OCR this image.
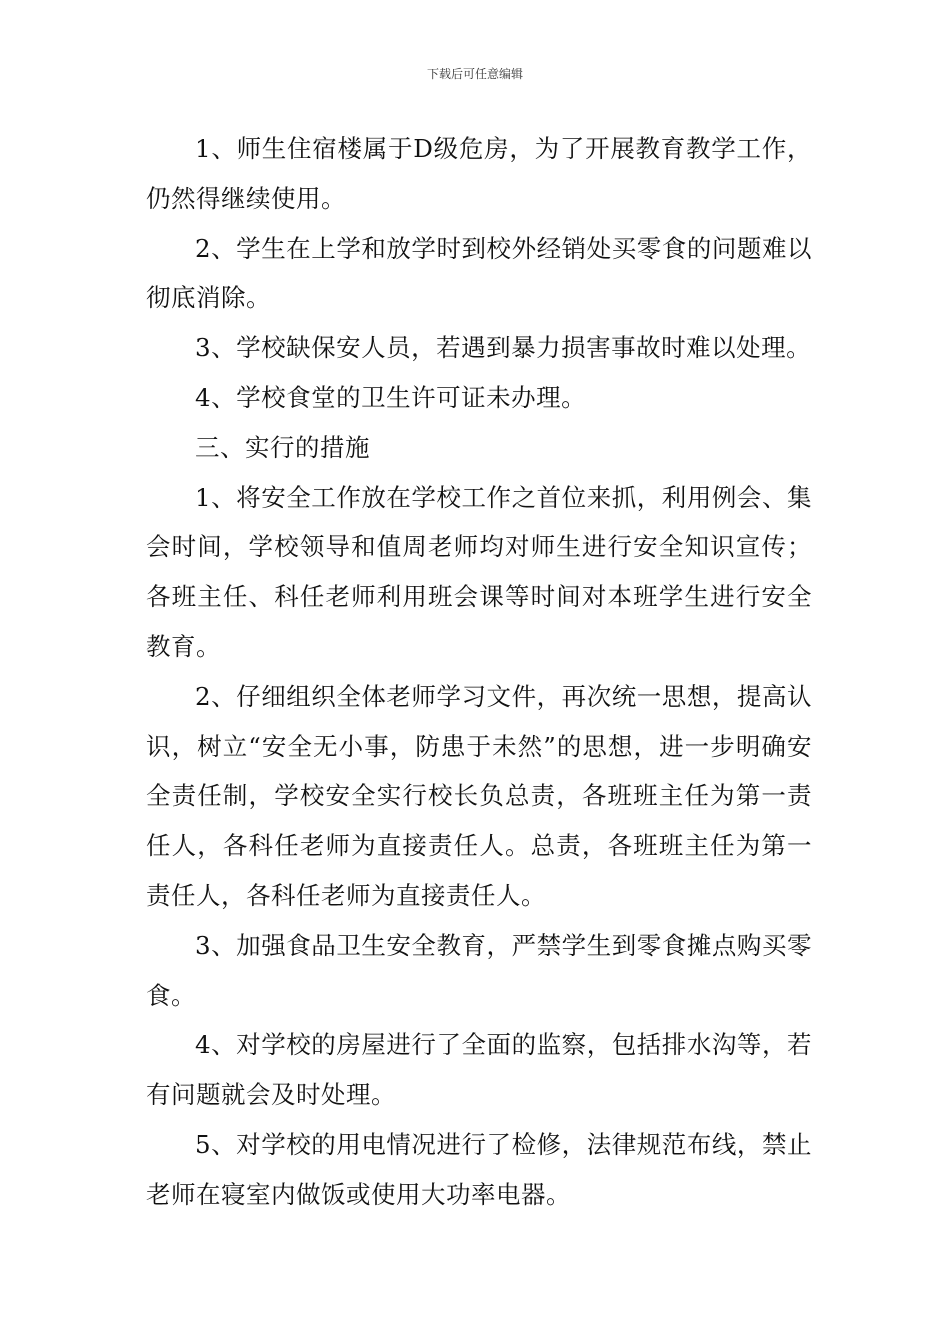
下载后可任意编辑

1、师生住宿楼属于D级危房，为了开展教育教学工作，仍然得继续使用。

2、学生在上学和放学时到校外经销处买零食的问题难以彻底消除。

3、学校缺保安人员，若遇到暴力损害事故时难以处理。

4、学校食堂的卫生许可证未办理。

三、实行的措施

1、将安全工作放在学校工作之首位来抓，利用例会、集会时间，学校领导和值周老师均对师生进行安全知识宣传；各班主任、科任老师利用班会课等时间对本班学生进行安全教育。

2、仔细组织全体老师学习文件，再次统一思想，提高认识，树立“安全无小事，防患于未然”的思想，进一步明确安全责任制，学校安全实行校长负总责，各班班主任为第一责任人，各科任老师为直接责任人。总责，各班班主任为第一责任人，各科任老师为直接责任人。

3、加强食品卫生安全教育，严禁学生到零食摊点购买零食。

4、对学校的房屋进行了全面的监察，包括排水沟等，若有问题就会及时处理。

5、对学校的用电情况进行了检修，法律规范布线，禁止老师在寝室内做饭或使用大功率电器。
